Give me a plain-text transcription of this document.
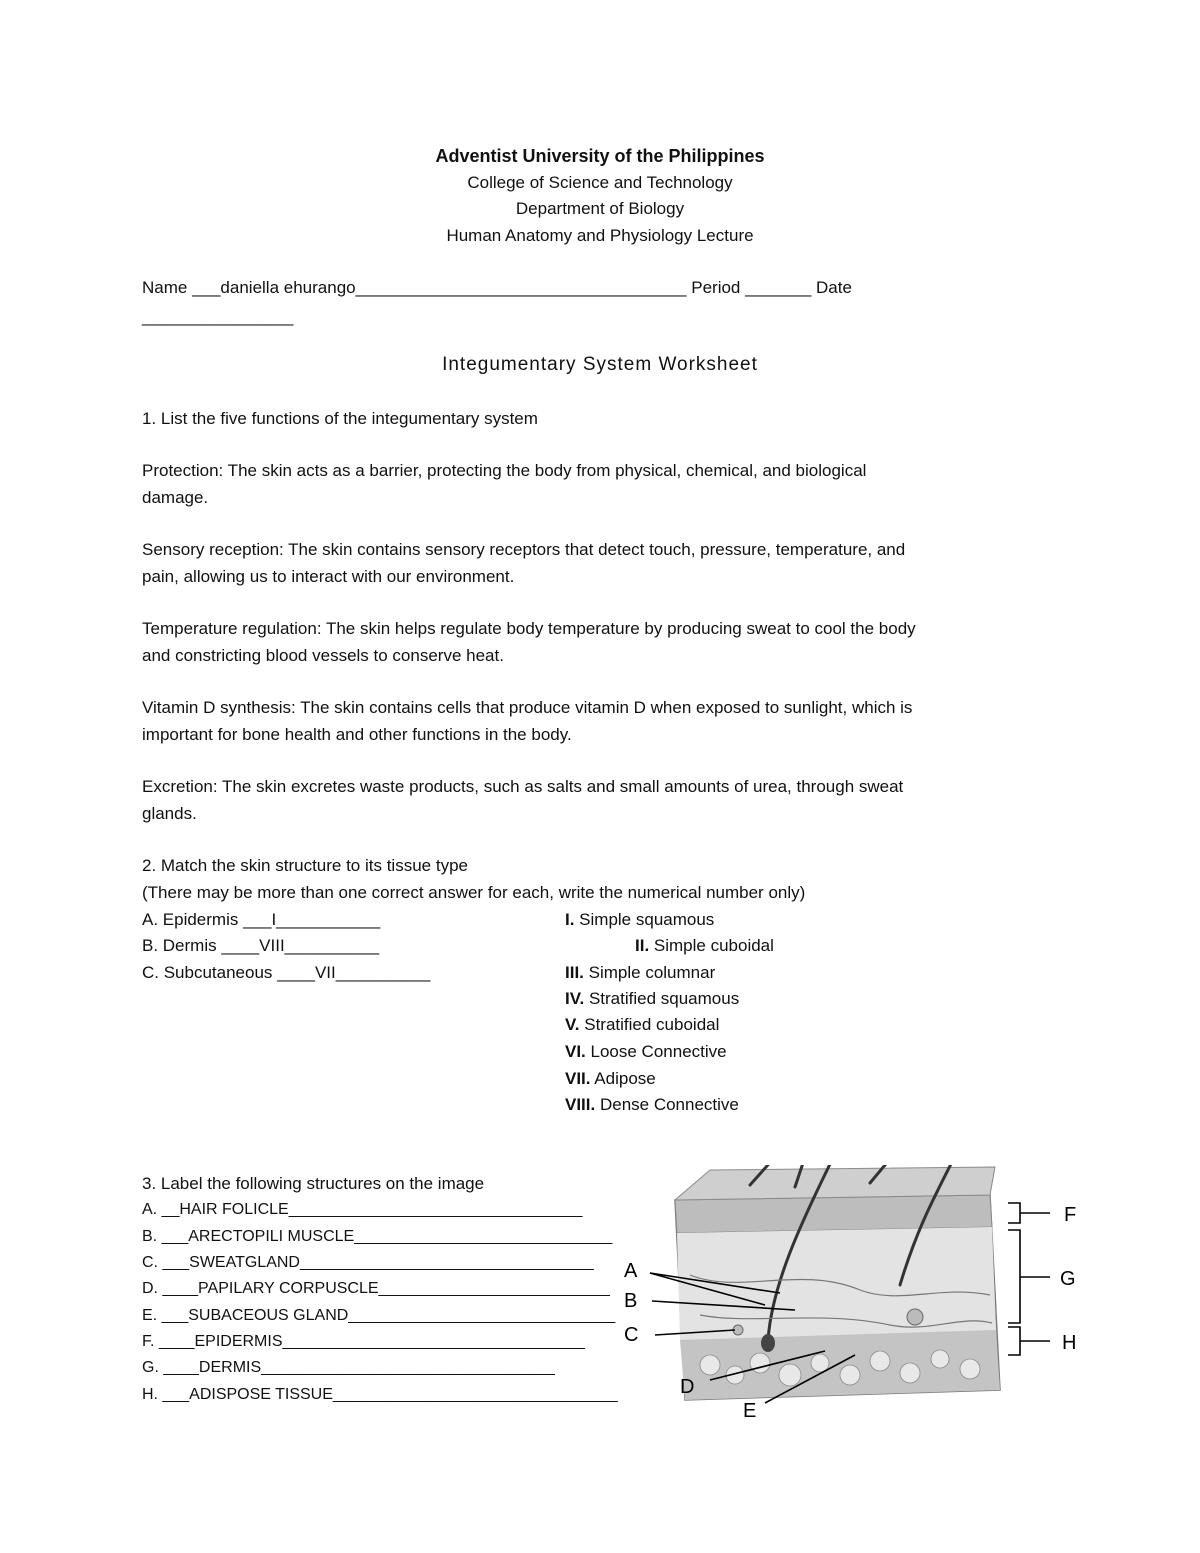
Adventist University of the Philippines
College of Science and Technology
Department of Biology
Human Anatomy and Physiology Lecture
Name ___daniella ehurango___________________________________ Period _______ Date
________________
Integumentary System Worksheet
1. List the five functions of the integumentary system
Protection: The skin acts as a barrier, protecting the body from physical, chemical, and biological
damage.
Sensory reception: The skin contains sensory receptors that detect touch, pressure, temperature, and
pain, allowing us to interact with our environment.
Temperature regulation: The skin helps regulate body temperature by producing sweat to cool the body
and constricting blood vessels to conserve heat.
Vitamin D synthesis: The skin contains cells that produce vitamin D when exposed to sunlight, which is
important for bone health and other functions in the body.
Excretion: The skin excretes waste products, such as salts and small amounts of urea, through sweat
glands.
2. Match the skin structure to its tissue type
(There may be more than one correct answer for each, write the numerical number only)
A. Epidermis ___I___________
B. Dermis ____VIII__________
C. Subcutaneous ____VII__________
I. Simple squamous
II. Simple cuboidal
III. Simple columnar
IV. Stratified squamous
V. Stratified cuboidal
VI. Loose Connective
VII. Adipose
VIII. Dense Connective
A
B
C
D
E
F
G
H
3. Label the following structures on the image
A. __HAIR FOLICLE_________________________________
B. ___ARECTOPILI MUSCLE_____________________________
C. ___SWEATGLAND_________________________________
D. ____PAPILARY CORPUSCLE__________________________
E. ___SUBACEOUS GLAND______________________________
F. ____EPIDERMIS__________________________________
G. ____DERMIS_________________________________
H. ___ADISPOSE TISSUE________________________________
